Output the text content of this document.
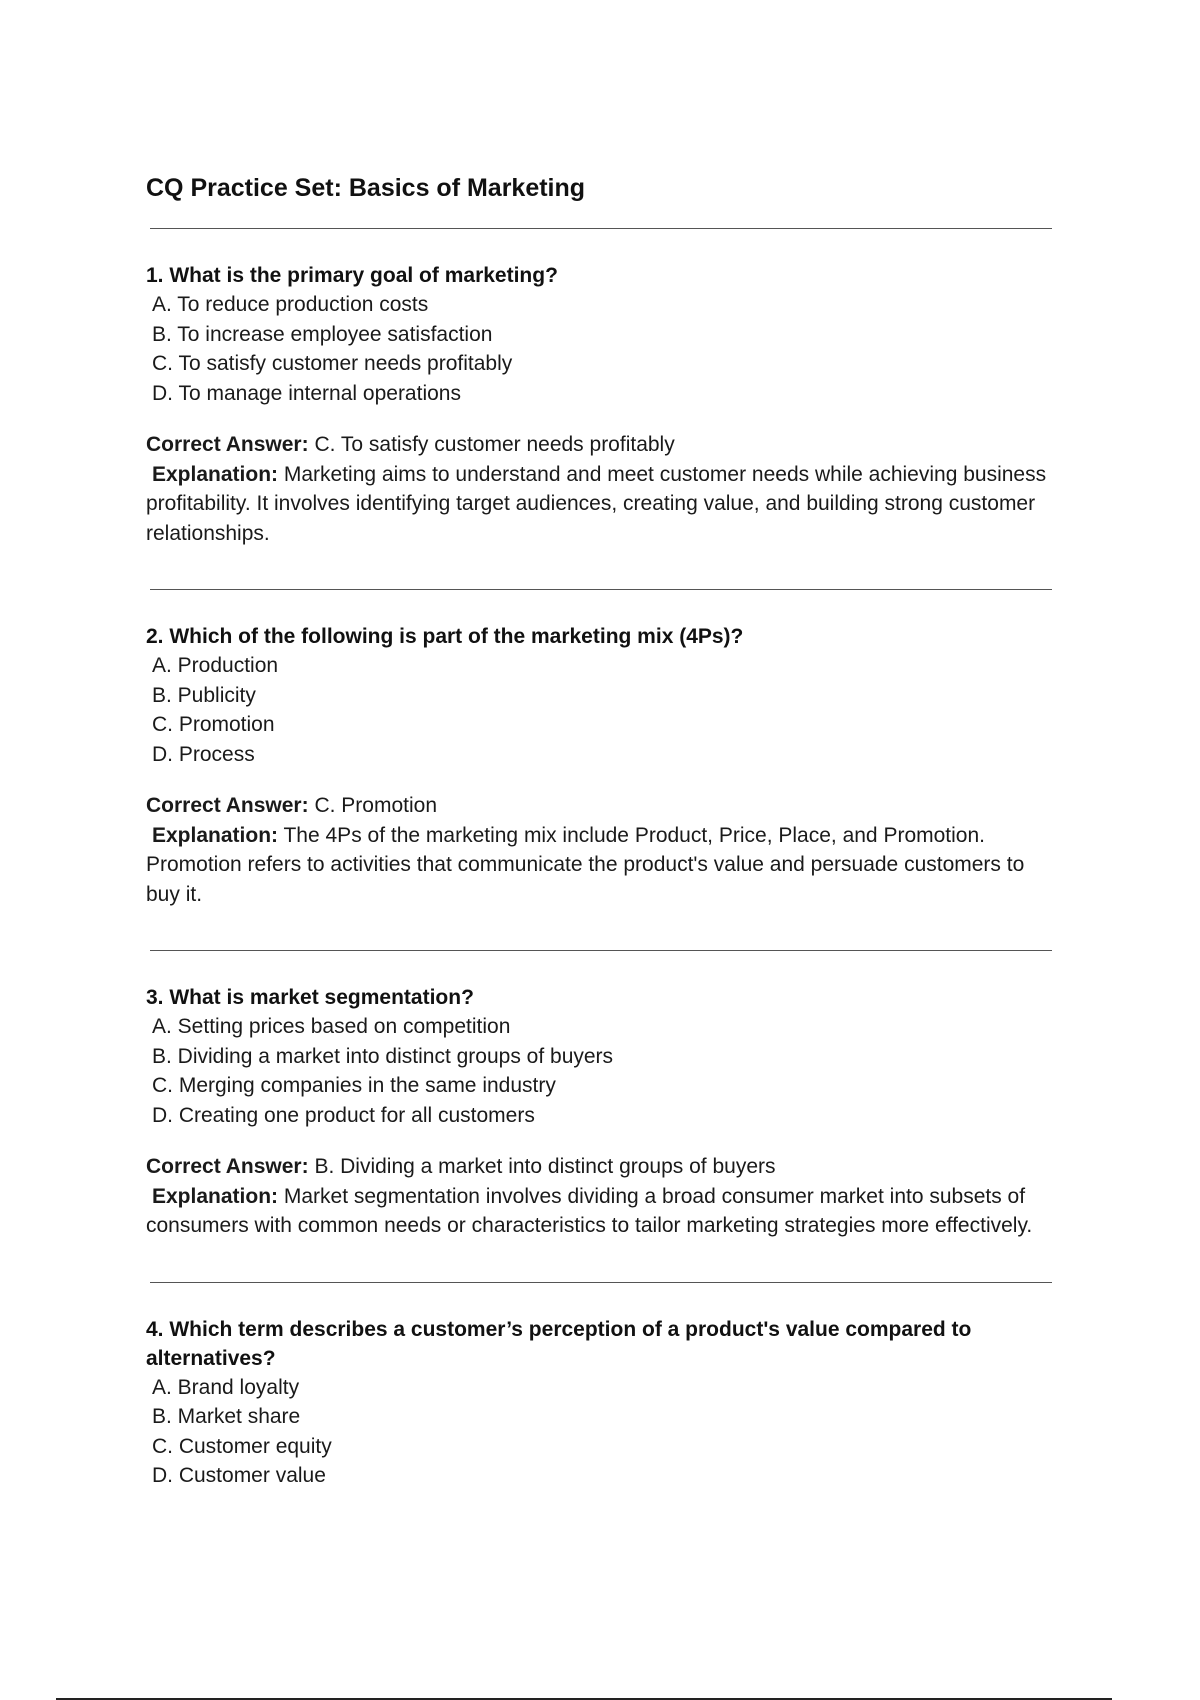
CQ Practice Set: Basics of Marketing

1. What is the primary goal of marketing?

A. To reduce production costs
B. To increase employee satisfaction
C. To satisfy customer needs profitably
D. To manage internal operations
Correct Answer: C. To satisfy customer needs profitably

Explanation: Marketing aims to understand and meet customer needs while achieving business profitability. It involves identifying target audiences, creating value, and building strong customer relationships.

2. Which of the following is part of the marketing mix (4Ps)?

A. Production
B. Publicity
C. Promotion
D. Process
Correct Answer: C. Promotion

Explanation: The 4Ps of the marketing mix include Product, Price, Place, and Promotion. Promotion refers to activities that communicate the product's value and persuade customers to buy it.

3. What is market segmentation?

A. Setting prices based on competition
B. Dividing a market into distinct groups of buyers
C. Merging companies in the same industry
D. Creating one product for all customers
Correct Answer: B. Dividing a market into distinct groups of buyers

Explanation: Market segmentation involves dividing a broad consumer market into subsets of consumers with common needs or characteristics to tailor marketing strategies more effectively.

4. Which term describes a customer’s perception of a product's value compared to alternatives?

A. Brand loyalty
B. Market share
C. Customer equity
D. Customer value
